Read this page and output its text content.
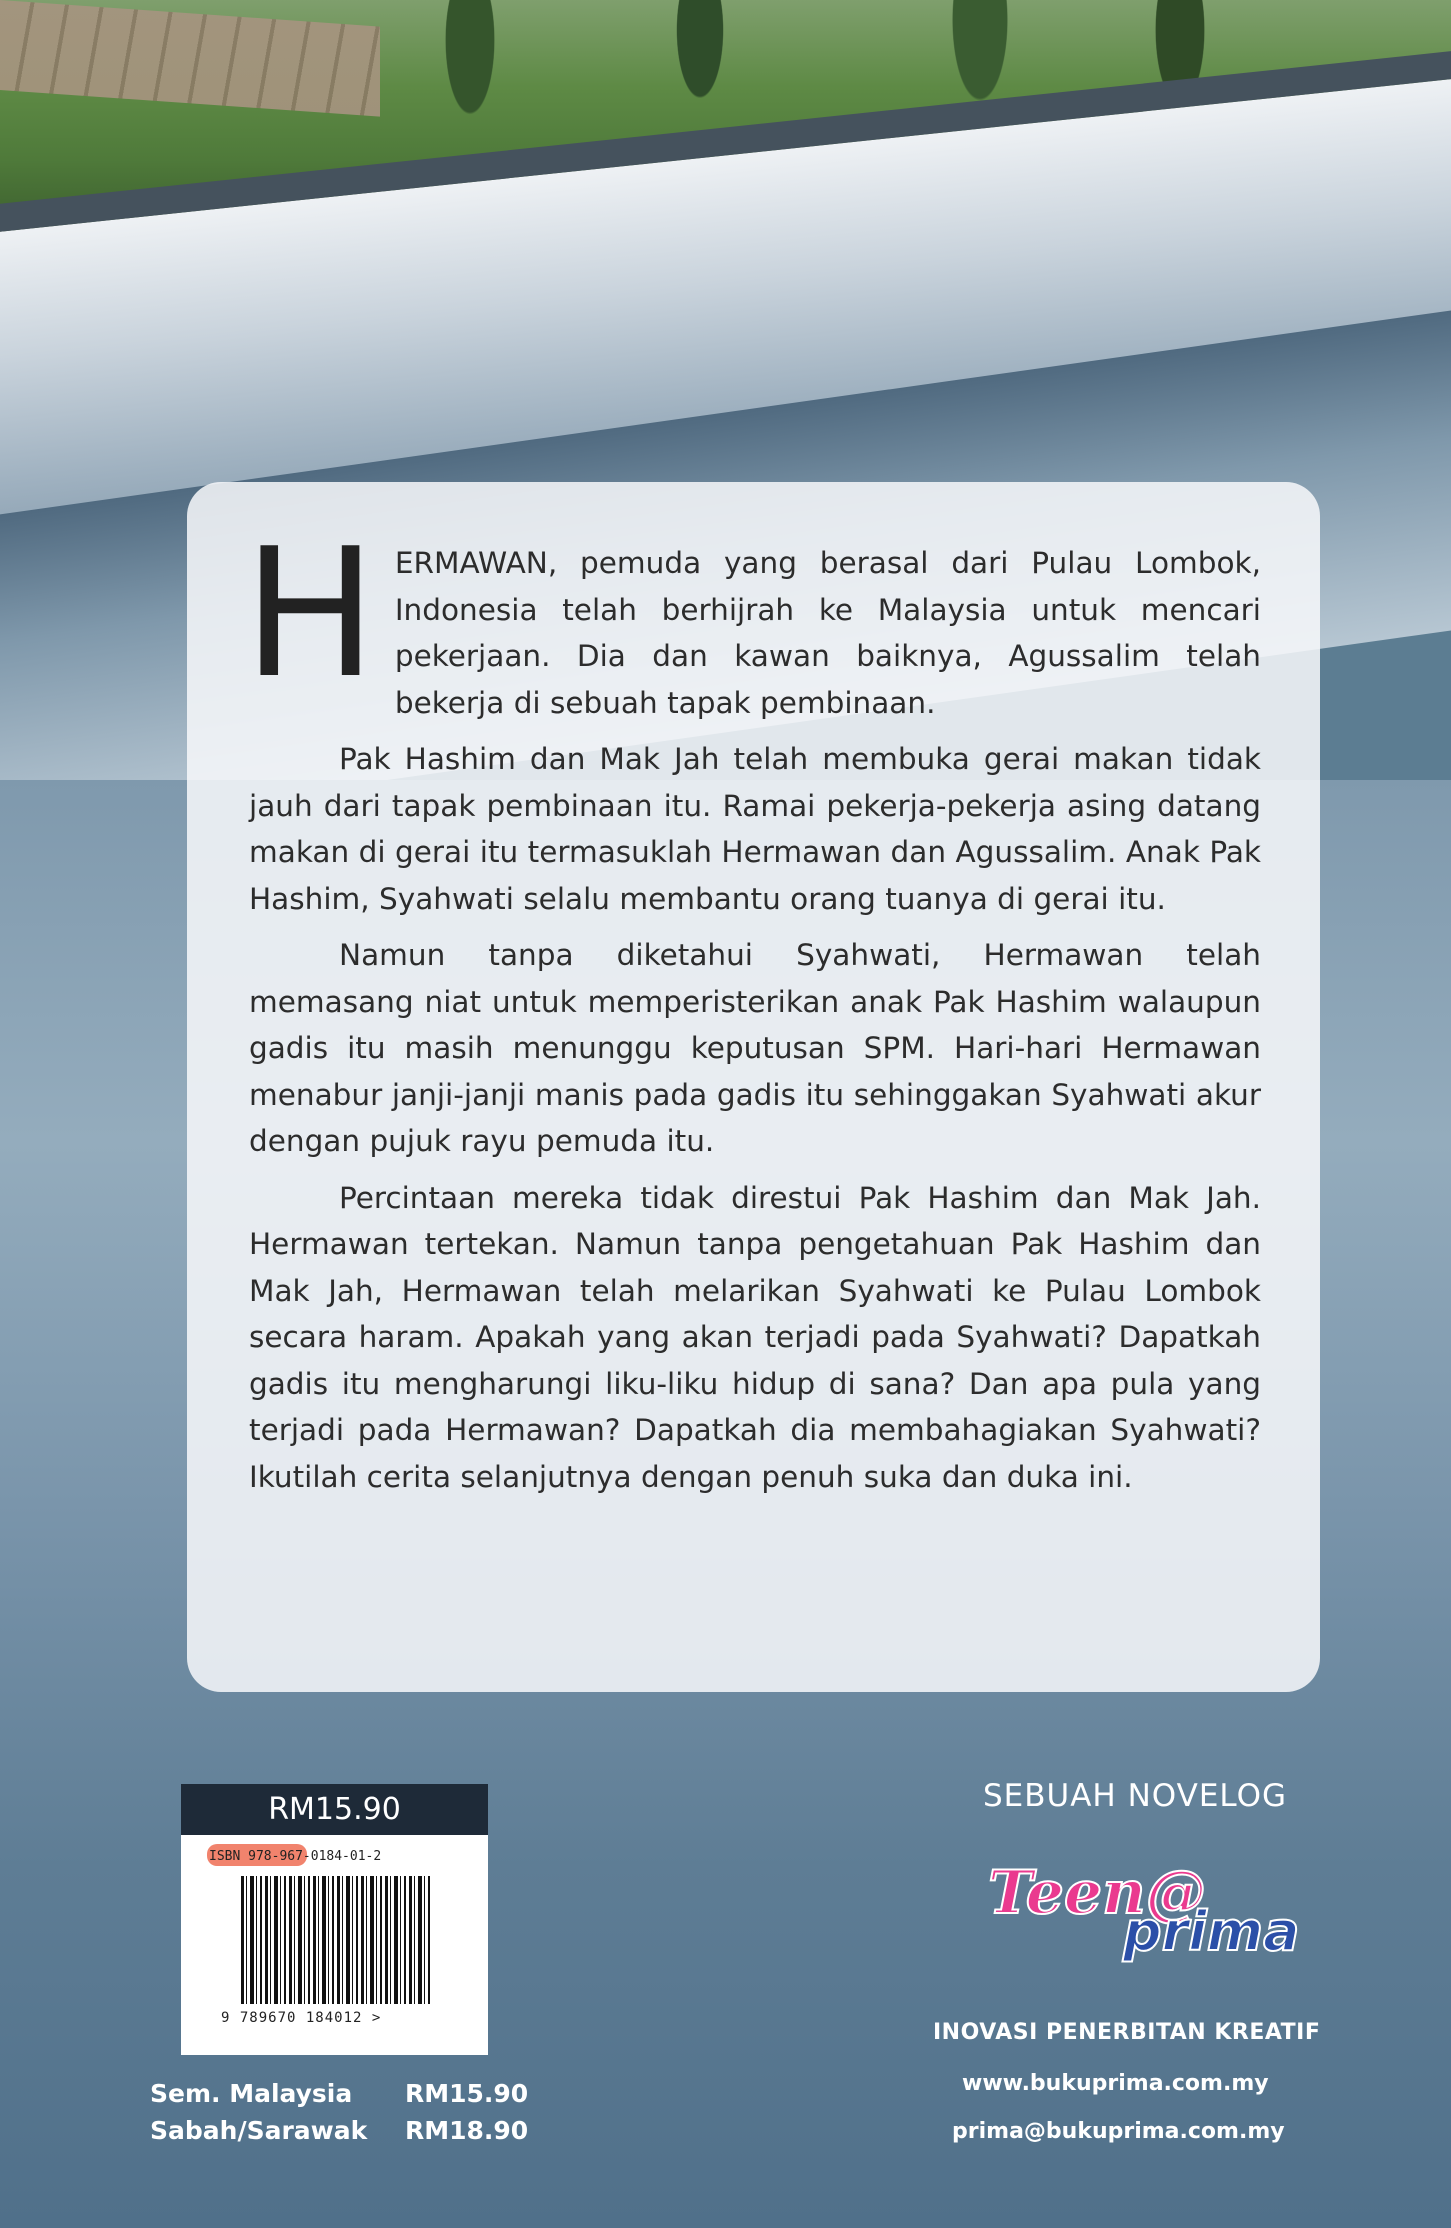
HERMAWAN, pemuda yang berasal dari Pulau Lombok, Indonesia telah berhijrah ke Malaysia untuk mencari pekerjaan. Dia dan kawan baiknya, Agussalim telah bekerja di sebuah tapak pembinaan.

Pak Hashim dan Mak Jah telah membuka gerai makan tidak jauh dari tapak pembinaan itu. Ramai pekerja-pekerja asing datang makan di gerai itu termasuklah Hermawan dan Agussalim. Anak Pak Hashim, Syahwati selalu membantu orang tuanya di gerai itu.

Namun tanpa diketahui Syahwati, Hermawan telah memasang niat untuk memperisterikan anak Pak Hashim walaupun gadis itu masih menunggu keputusan SPM. Hari-hari Hermawan menabur janji-janji manis pada gadis itu sehinggakan Syahwati akur dengan pujuk rayu pemuda itu.

Percintaan mereka tidak direstui Pak Hashim dan Mak Jah. Hermawan tertekan. Namun tanpa pengetahuan Pak Hashim dan Mak Jah, Hermawan telah melarikan Syahwati ke Pulau Lombok secara haram. Apakah yang akan terjadi pada Syahwati? Dapatkah gadis itu mengharungi liku-liku hidup di sana? Dan apa pula yang terjadi pada Hermawan? Dapatkah dia membahagiakan Syahwati? Ikutilah cerita selanjutnya dengan penuh suka dan duka ini.

RM15.90
ISBN 978-967-0184-01-2
9 789670 184012 >
Sem. Malaysia	RM15.90
Sabah/Sarawak	RM18.90
SEBUAH NOVELOG
Teen@
prima
INOVASI PENERBITAN KREATIF
www.bukuprima.com.my
prima@bukuprima.com.my
